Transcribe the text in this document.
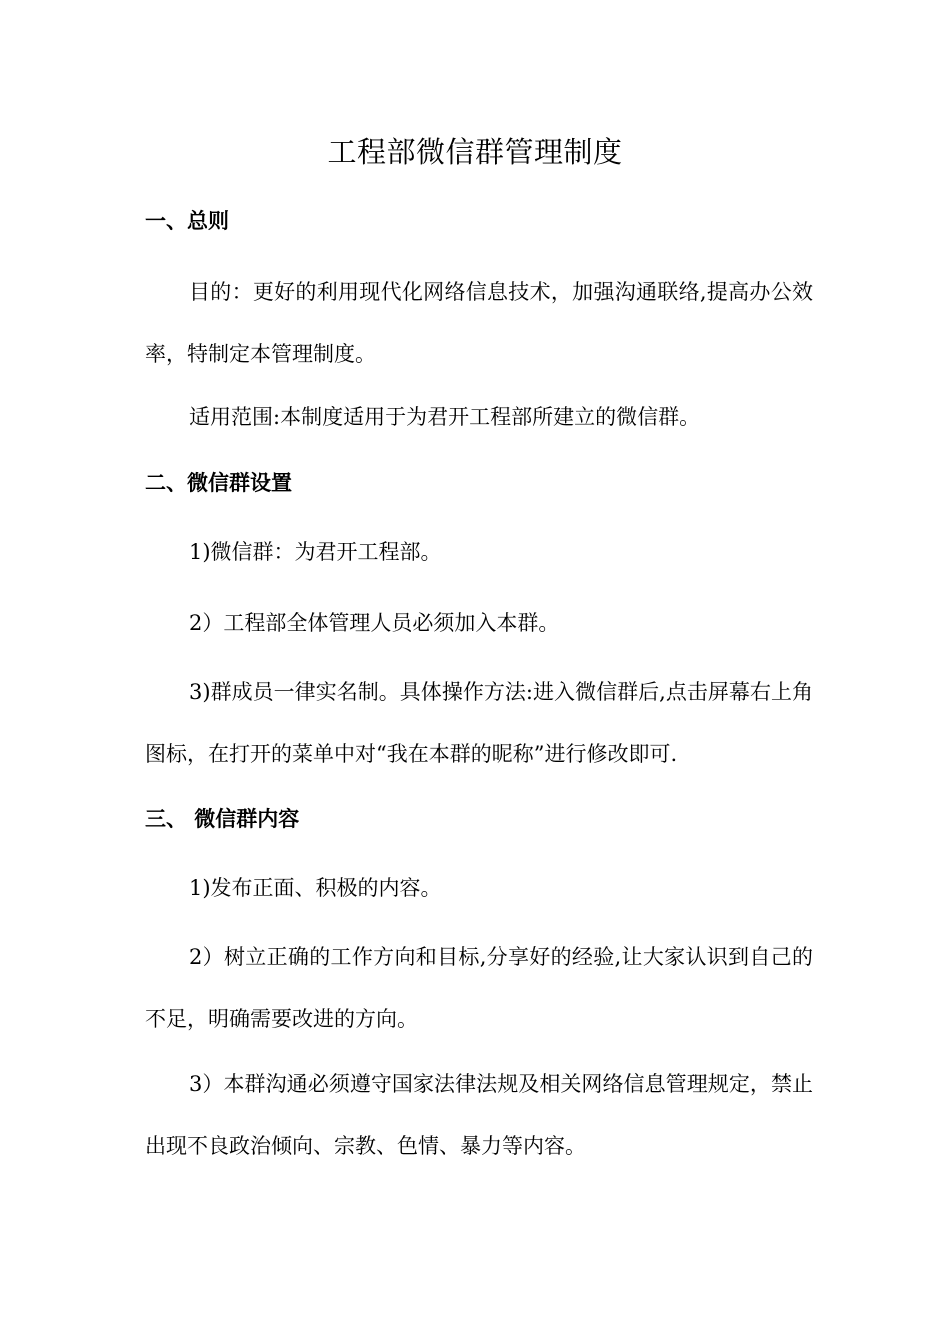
工程部微信群管理制度
一、总则
目的：更好的利用现代化网络信息技术，加强沟通联络,提高办公效率，特制定本管理制度。
适用范围:本制度适用于为君开工程部所建立的微信群。
二、微信群设置
1)微信群：为君开工程部。
2）工程部全体管理人员必须加入本群。
3)群成员一律实名制。具体操作方法:进入微信群后,点击屏幕右上角图标，在打开的菜单中对“我在本群的昵称”进行修改即可.
三、 微信群内容
1)发布正面、积极的内容。
2）树立正确的工作方向和目标,分享好的经验,让大家认识到自己的不足，明确需要改进的方向。
3）本群沟通必须遵守国家法律法规及相关网络信息管理规定，禁止出现不良政治倾向、宗教、色情、暴力等内容。
